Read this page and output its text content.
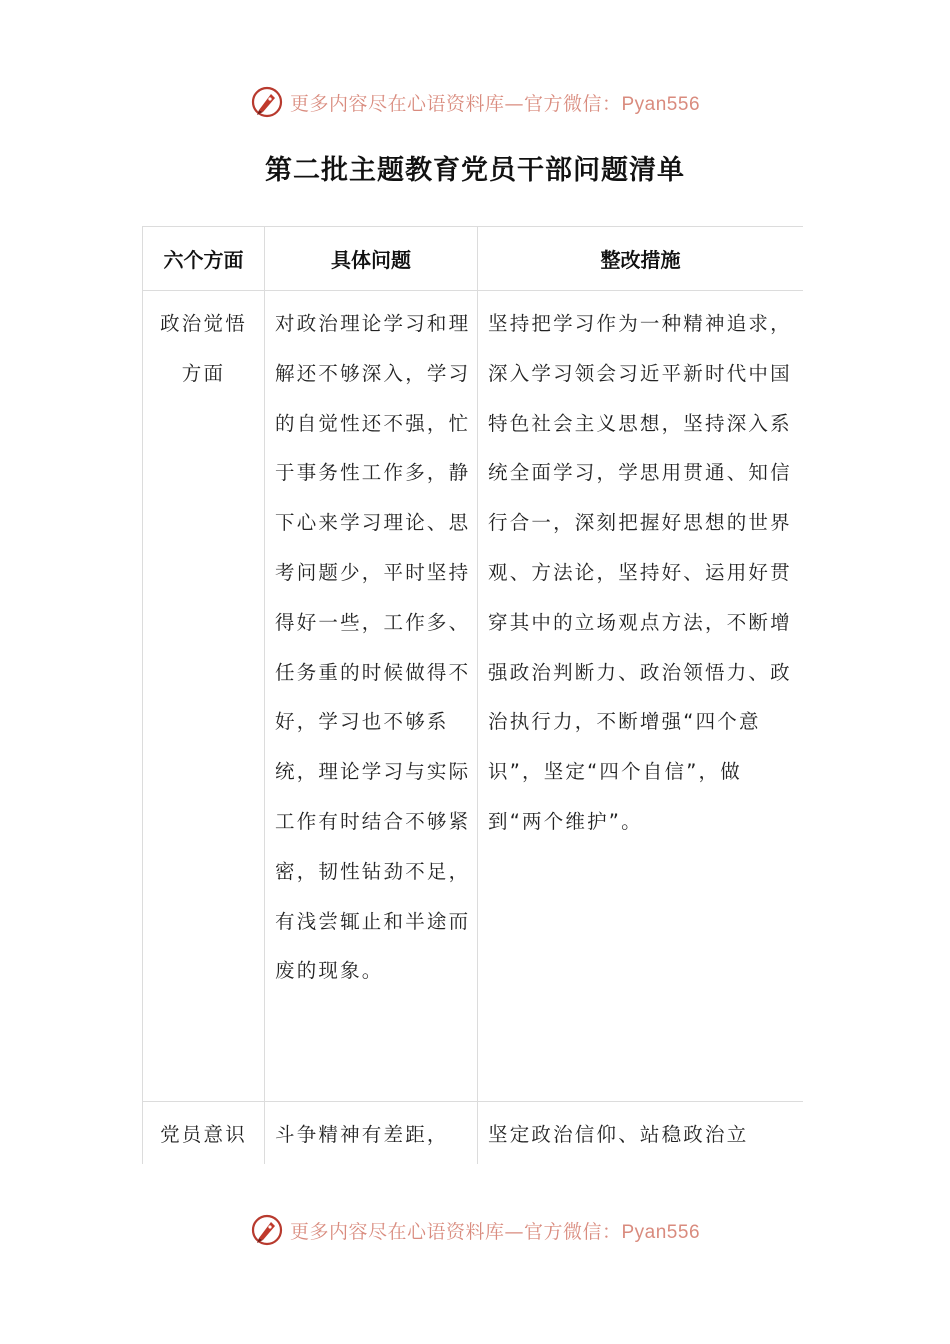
更多内容尽在心语资料库—官方微信：Pyan556
第二批主题教育党员干部问题清单
六个方面	具体问题	整改措施
政治觉悟方面	对政治理论学习和理解还不够深入，学习的自觉性还不强，忙于事务性工作多，静下心来学习理论、思考问题少，平时坚持得好一些，工作多、任务重的时候做得不好，学习也不够系统，理论学习与实际工作有时结合不够紧密，韧性钻劲不足，有浅尝辄止和半途而废的现象。	坚持把学习作为一种精神追求，深入学习领会习近平新时代中国特色社会主义思想，坚持深入系统全面学习，学思用贯通、知信行合一，深刻把握好思想的世界观、方法论，坚持好、运用好贯穿其中的立场观点方法，不断增强政治判断力、政治领悟力、政治执行力，不断增强“四个意识”，坚定“四个自信”，做到“两个维护”。
党员意识	斗争精神有差距，	坚定政治信仰、站稳政治立
更多内容尽在心语资料库—官方微信：Pyan556
